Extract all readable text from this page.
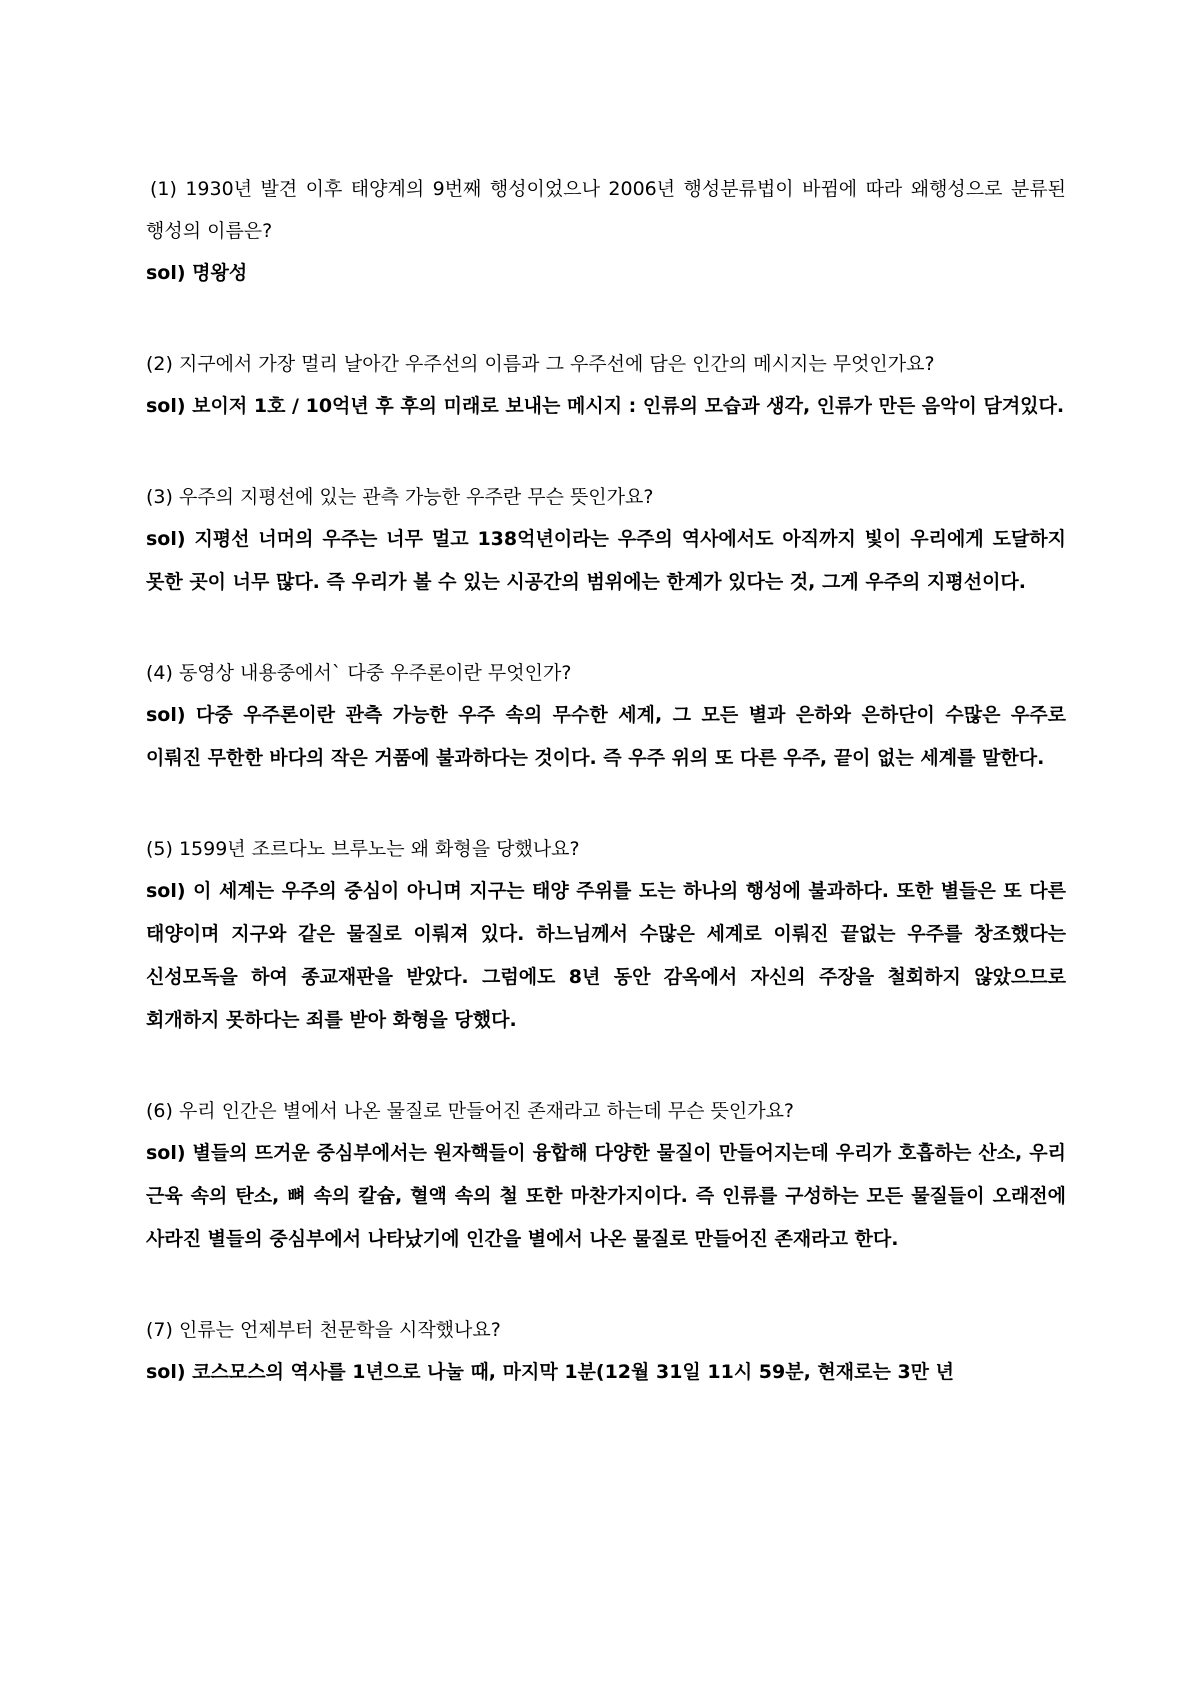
(1) 1930년 발견 이후 태양계의 9번째 행성이었으나 2006년 행성분류법이 바뀜에 따라 왜행성으로 분류된 행성의 이름은?

sol) 명왕성

(2) 지구에서 가장 멀리 날아간 우주선의 이름과 그 우주선에 담은 인간의 메시지는 무엇인가요?

sol) 보이저 1호 / 10억년 후 후의 미래로 보내는 메시지 : 인류의 모습과 생각, 인류가 만든 음악이 담겨있다.

(3) 우주의 지평선에 있는 관측 가능한 우주란 무슨 뜻인가요?

sol) 지평선 너머의 우주는 너무 멀고 138억년이라는 우주의 역사에서도 아직까지 빛이 우리에게 도달하지 못한 곳이 너무 많다. 즉 우리가 볼 수 있는 시공간의 범위에는 한계가 있다는 것, 그게 우주의 지평선이다.

(4) 동영상 내용중에서` 다중 우주론이란 무엇인가?

sol) 다중 우주론이란 관측 가능한 우주 속의 무수한 세계, 그 모든 별과 은하와 은하단이 수많은 우주로 이뤄진 무한한 바다의 작은 거품에 불과하다는 것이다. 즉 우주 위의 또 다른 우주, 끝이 없는 세계를 말한다.

(5) 1599년 조르다노 브루노는 왜 화형을 당했나요?

sol) 이 세계는 우주의 중심이 아니며 지구는 태양 주위를 도는 하나의 행성에 불과하다. 또한 별들은 또 다른 태양이며 지구와 같은 물질로 이뤄져 있다. 하느님께서 수많은 세계로 이뤄진 끝없는 우주를 창조했다는 신성모독을 하여 종교재판을 받았다. 그럼에도 8년 동안 감옥에서 자신의 주장을 철회하지 않았으므로 회개하지 못하다는 죄를 받아 화형을 당했다.

(6) 우리 인간은 별에서 나온 물질로 만들어진 존재라고 하는데 무슨 뜻인가요?

sol) 별들의 뜨거운 중심부에서는 원자핵들이 융합해 다양한 물질이 만들어지는데 우리가 호흡하는 산소, 우리 근육 속의 탄소, 뼈 속의 칼슘, 혈액 속의 철 또한 마찬가지이다. 즉 인류를 구성하는 모든 물질들이 오래전에 사라진 별들의 중심부에서 나타났기에 인간을 별에서 나온 물질로 만들어진 존재라고 한다.

(7) 인류는 언제부터 천문학을 시작했나요?

sol) 코스모스의 역사를 1년으로 나눌 때, 마지막 1분(12월 31일 11시 59분, 현재로는 3만 년
